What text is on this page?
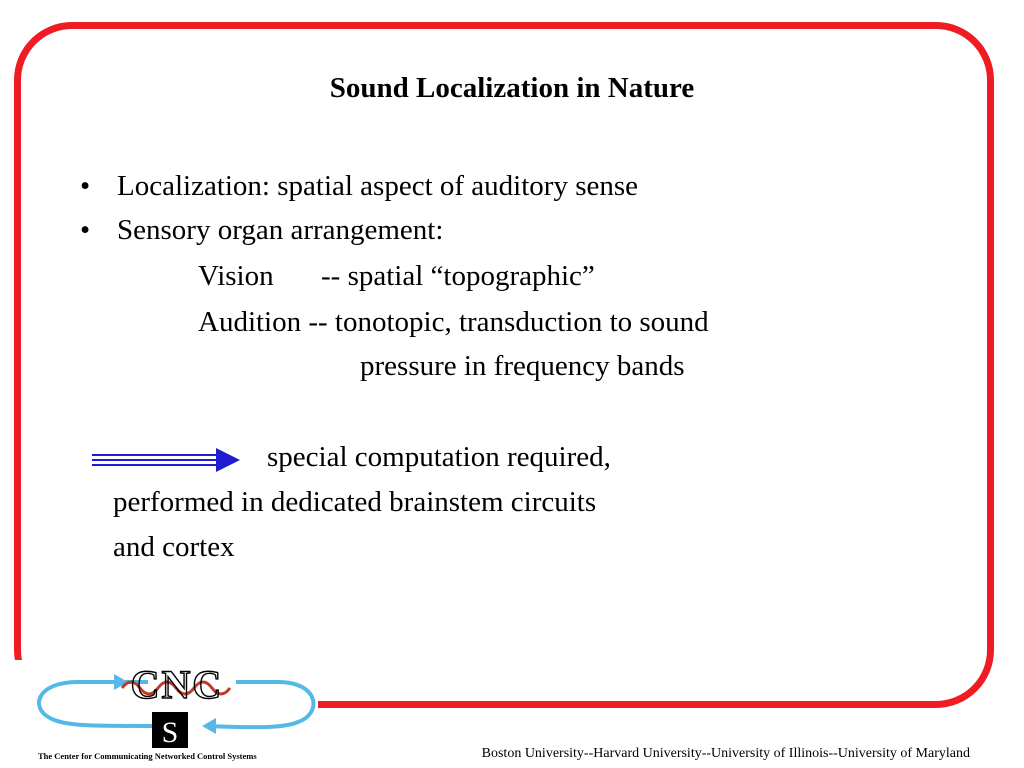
Sound Localization in Nature
• Localization: spatial aspect of auditory sense

• Sensory organ arrangement:

Vision -- spatial “topographic”

Audition -- tonotopic, transduction to sound

pressure in frequency bands

special computation required,

performed in dedicated brainstem circuits

and cortex

CNC
S
The Center for Communicating Networked Control Systems	Boston University--Harvard University--University of Illinois--University of Maryland
